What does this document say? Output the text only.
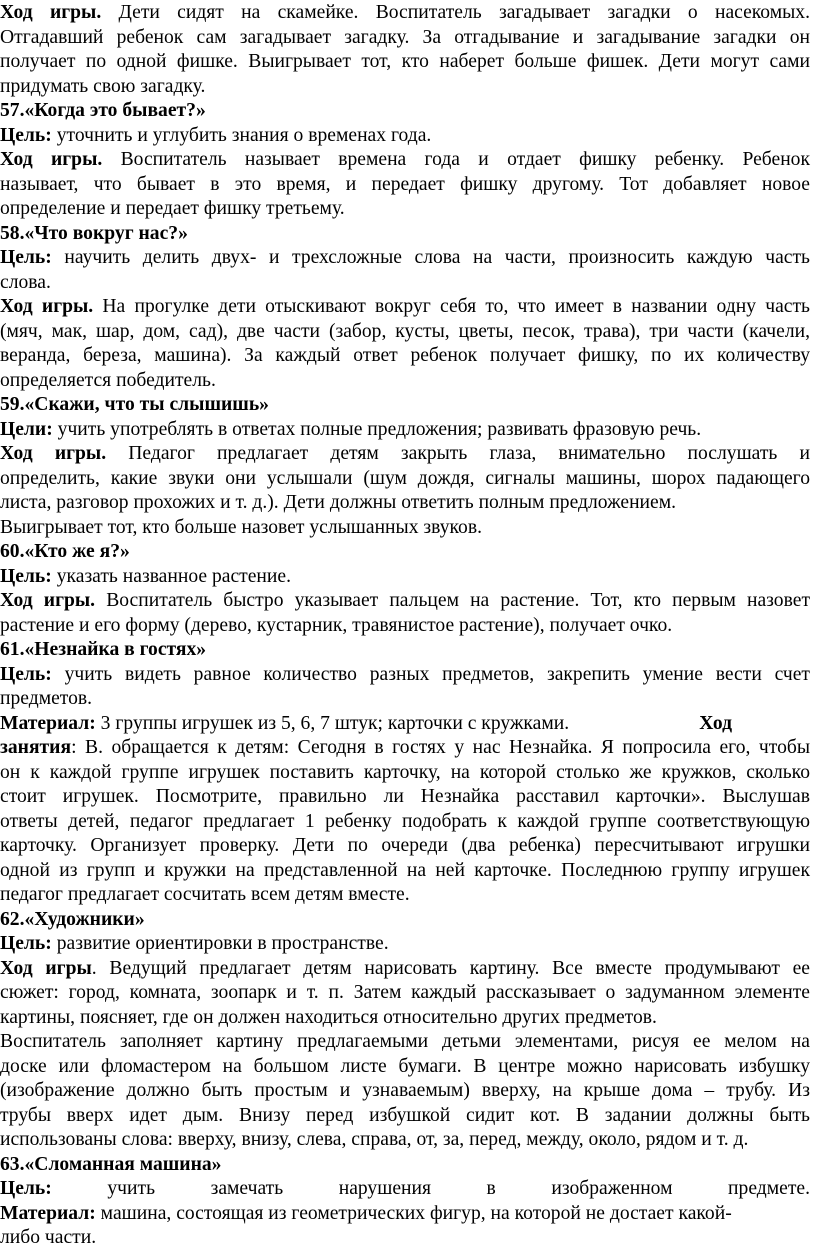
Ход игры. Дети сидят на скамейке. Воспитатель загадывает загадки о насекомых.
Отгадавший ребенок сам загадывает загадку. За отгадывание и загадывание загадки он
получает по одной фишке. Выигрывает тот, кто наберет больше фишек. Дети могут сами
придумать свою загадку.
57.«Когда это бывает?»
Цель: уточнить и углубить знания о временах года.
Ход игры. Воспитатель называет времена года и отдает фишку ребенку. Ребенок
называет, что бывает в это время, и передает фишку другому. Тот добавляет новое
определение и передает фишку третьему.
58.«Что вокруг нас?»
Цель: научить делить двух- и трехсложные слова на части, произносить каждую часть
слова.
Ход игры. На прогулке дети отыскивают вокруг себя то, что имеет в названии одну часть
(мяч, мак, шар, дом, сад), две части (забор, кусты, цветы, песок, трава), три части (качели,
веранда, береза, машина). За каждый ответ ребенок получает фишку, по их количеству
определяется победитель.
59.«Скажи, что ты слышишь»
Цели: учить употреблять в ответах полные предложения; развивать фразовую речь.
Ход игры. Педагог предлагает детям закрыть глаза, внимательно послушать и
определить, какие звуки они услышали (шум дождя, сигналы машины, шорох падающего
листа, разговор прохожих и т. д.). Дети должны ответить полным предложением.
Выигрывает тот, кто больше назовет услышанных звуков.
60.«Кто же я?»
Цель: указать названное растение.
Ход игры. Воспитатель быстро указывает пальцем на растение. Тот, кто первым назовет
растение и его форму (дерево, кустарник, травянистое растение), получает очко.
61.«Незнайка в гостях»
Цель: учить видеть равное количество разных предметов, закрепить умение вести счет
предметов.
Материал: 3 группы игрушек из 5, 6, 7 штук; карточки с кружками.	Ход
занятия: В. обращается к детям: Сегодня в гостях у нас Незнайка. Я попросила его, чтобы
он к каждой группе игрушек поставить карточку, на которой столько же кружков, сколько
стоит игрушек. Посмотрите, правильно ли Незнайка расставил карточки». Выслушав
ответы детей, педагог предлагает 1 ребенку подобрать к каждой группе соответствующую
карточку. Организует проверку. Дети по очереди (два ребенка) пересчитывают игрушки
одной из групп и кружки на представленной на ней карточке. Последнюю группу игрушек
педагог предлагает сосчитать всем детям вместе.
62.«Художники»
Цель: развитие ориентировки в пространстве.
Ход игры. Ведущий предлагает детям нарисовать картину. Все вместе продумывают ее
сюжет: город, комната, зоопарк и т. п. Затем каждый рассказывает о задуманном элементе
картины, поясняет, где он должен находиться относительно других предметов.
Воспитатель заполняет картину предлагаемыми детьми элементами, рисуя ее мелом на
доске или фломастером на большом листе бумаги. В центре можно нарисовать избушку
(изображение должно быть простым и узнаваемым) вверху, на крыше дома – трубу. Из
трубы вверх идет дым. Внизу перед избушкой сидит кот. В задании должны быть
использованы слова: вверху, внизу, слева, справа, от, за, перед, между, около, рядом и т. д.
63.«Сломанная машина»
Цель: учить замечать нарушения в изображенном предмете.
Материал: машина, состоящая из геометрических фигур, на которой не достает какой-
либо части.
